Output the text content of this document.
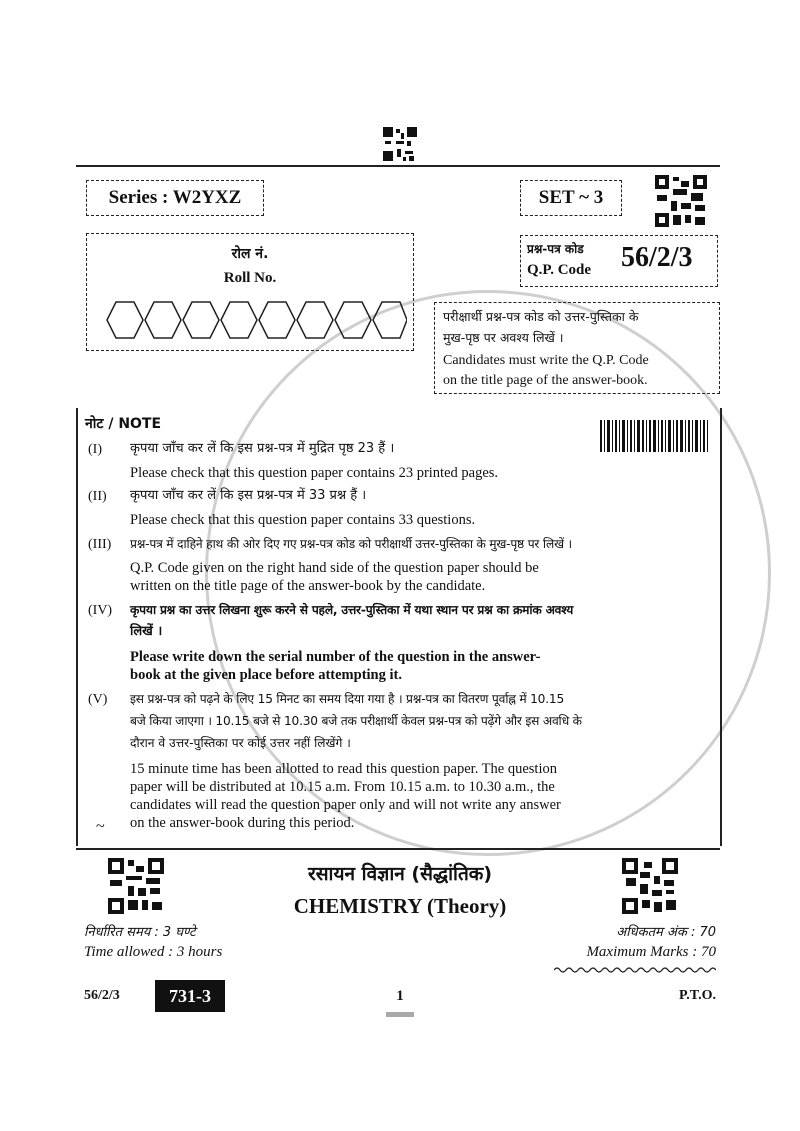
Series : W2YXZ	SET ~ 3
रोल नं.
Roll No.
प्रश्न-पत्र कोड
Q.P. Code 56/2/3
परीक्षार्थी प्रश्न-पत्र कोड को उत्तर-पुस्तिका के
मुख-पृष्ठ पर अवश्य लिखें ।
Candidates must write the Q.P. Code
on the title page of the answer-book.
नोट / NOTE
(I) कृपया जाँच कर लें कि इस प्रश्न-पत्र में मुद्रित पृष्ठ 23 हैं ।
Please check that this question paper contains 23 printed pages.
(II) कृपया जाँच कर लें कि इस प्रश्न-पत्र में 33 प्रश्न हैं ।
Please check that this question paper contains 33 questions.
(III) प्रश्न-पत्र में दाहिने हाथ की ओर दिए गए प्रश्न-पत्र कोड को परीक्षार्थी उत्तर-पुस्तिका के मुख-पृष्ठ पर लिखें ।
Q.P. Code given on the right hand side of the question paper should be
written on the title page of the answer-book by the candidate.
(IV) कृपया प्रश्न का उत्तर लिखना शुरू करने से पहले, उत्तर-पुस्तिका में यथा स्थान पर प्रश्न का क्रमांक अवश्य
लिखें ।
Please write down the serial number of the question in the answer-
book at the given place before attempting it.
(V) इस प्रश्न-पत्र को पढ़ने के लिए 15 मिनट का समय दिया गया है । प्रश्न-पत्र का वितरण पूर्वाह्न में 10.15
बजे किया जाएगा । 10.15 बजे से 10.30 बजे तक परीक्षार्थी केवल प्रश्न-पत्र को पढ़ेंगे और इस अवधि के
दौरान वे उत्तर-पुस्तिका पर कोई उत्तर नहीं लिखेंगे ।
15 minute time has been allotted to read this question paper. The question
paper will be distributed at 10.15 a.m. From 10.15 a.m. to 10.30 a.m., the
candidates will read the question paper only and will not write any answer
on the answer-book during this period.
~
रसायन विज्ञान (सैद्धांतिक)
CHEMISTRY (Theory)
निर्धारित समय : 3 घण्टे
Time allowed : 3 hours
अधिकतम अंक : 70
Maximum Marks : 70
56/2/3	731-3	1	P.T.O.
